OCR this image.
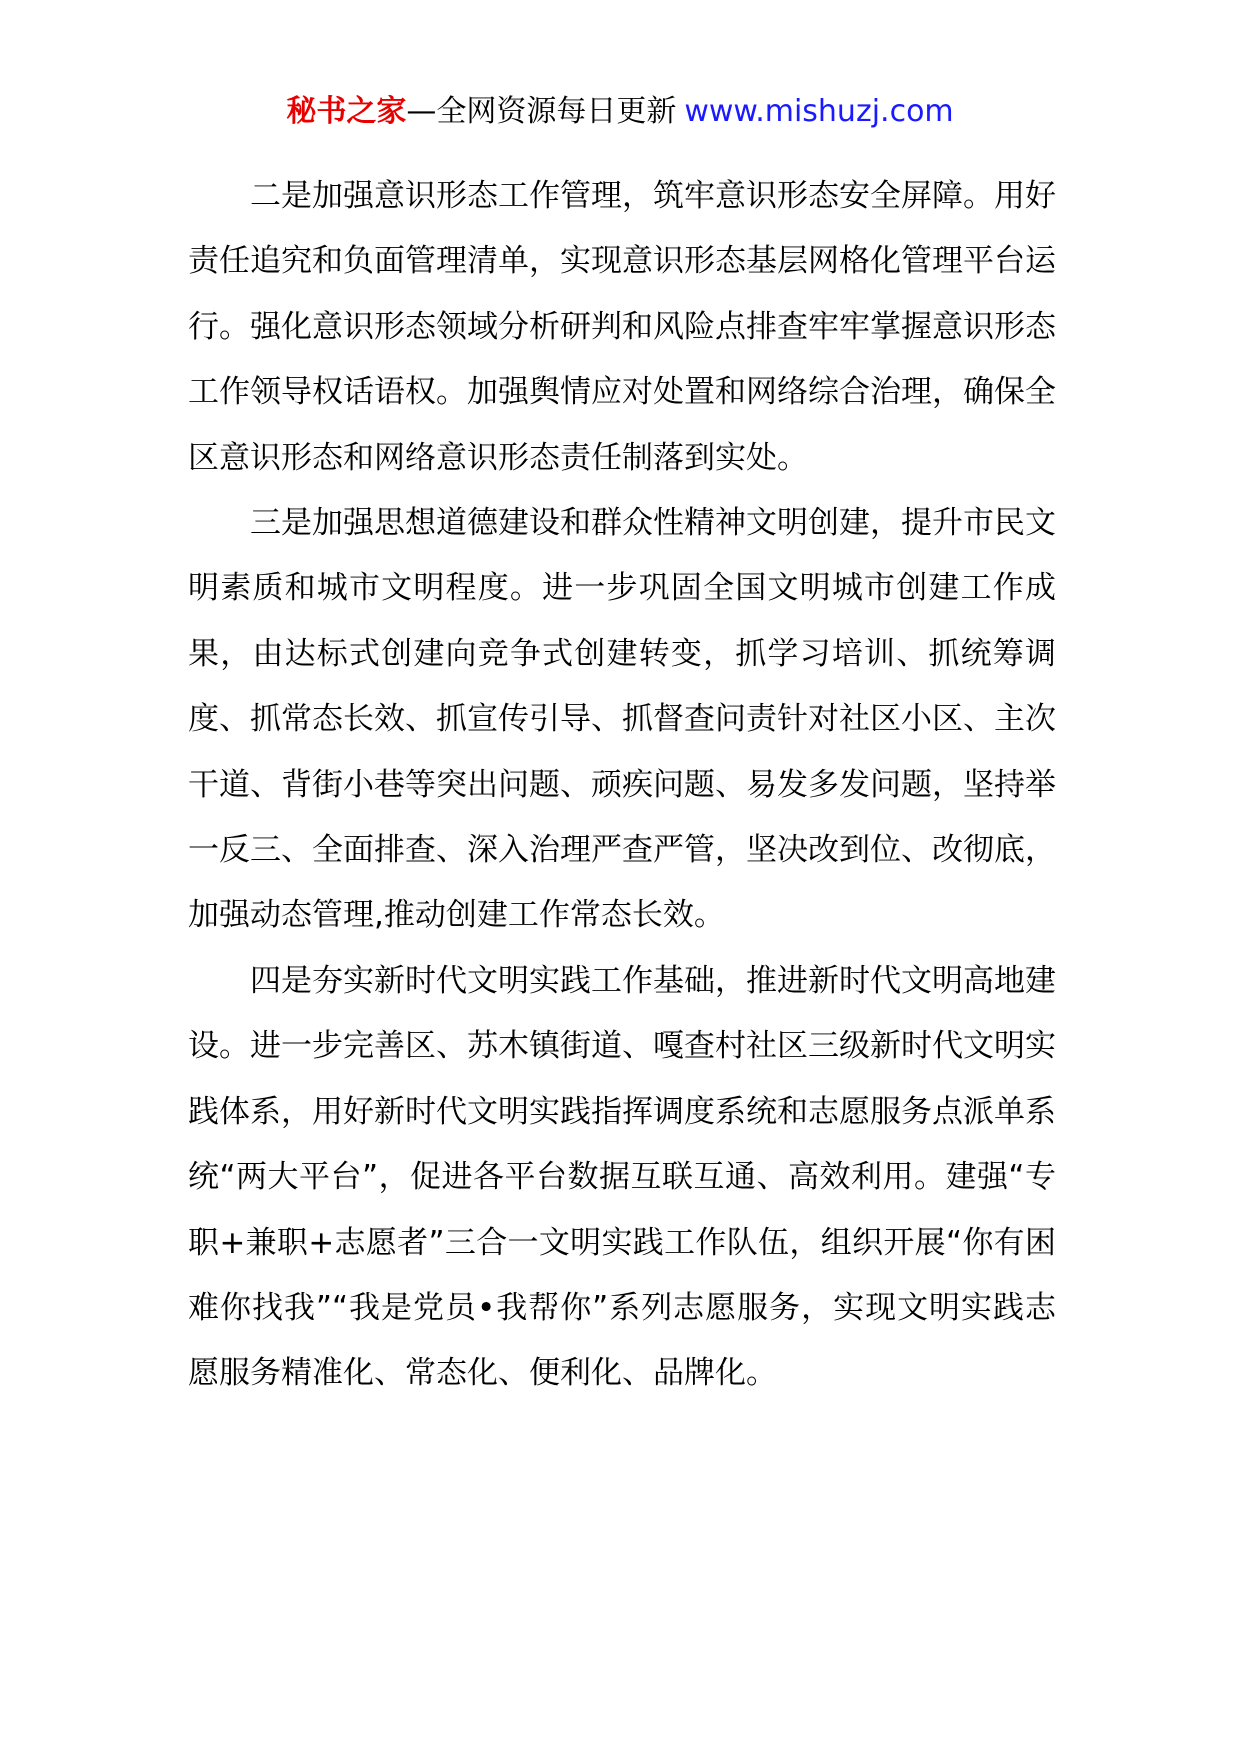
秘书之家—全网资源每日更新 www.mishuzj.com

二是加强意识形态工作管理，筑牢意识形态安全屏障。用好责任追究和负面管理清单，实现意识形态基层网格化管理平台运行。强化意识形态领域分析研判和风险点排查牢牢掌握意识形态工作领导权话语权。加强舆情应对处置和网络综合治理，确保全区意识形态和网络意识形态责任制落到实处。

三是加强思想道德建设和群众性精神文明创建，提升市民文明素质和城市文明程度。进一步巩固全国文明城市创建工作成果，由达标式创建向竞争式创建转变，抓学习培训、抓统筹调度、抓常态长效、抓宣传引导、抓督查问责针对社区小区、主次干道、背街小巷等突出问题、顽疾问题、易发多发问题，坚持举一反三、全面排查、深入治理严查严管，坚决改到位、改彻底，加强动态管理,推动创建工作常态长效。

四是夯实新时代文明实践工作基础，推进新时代文明高地建设。进一步完善区、苏木镇街道、嘎查村社区三级新时代文明实践体系，用好新时代文明实践指挥调度系统和志愿服务点派单系统“两大平台”，促进各平台数据互联互通、高效利用。建强“专职+兼职+志愿者”三合一文明实践工作队伍，组织开展“你有困难你找我”“我是党员•我帮你”系列志愿服务，实现文明实践志愿服务精准化、常态化、便利化、品牌化。
